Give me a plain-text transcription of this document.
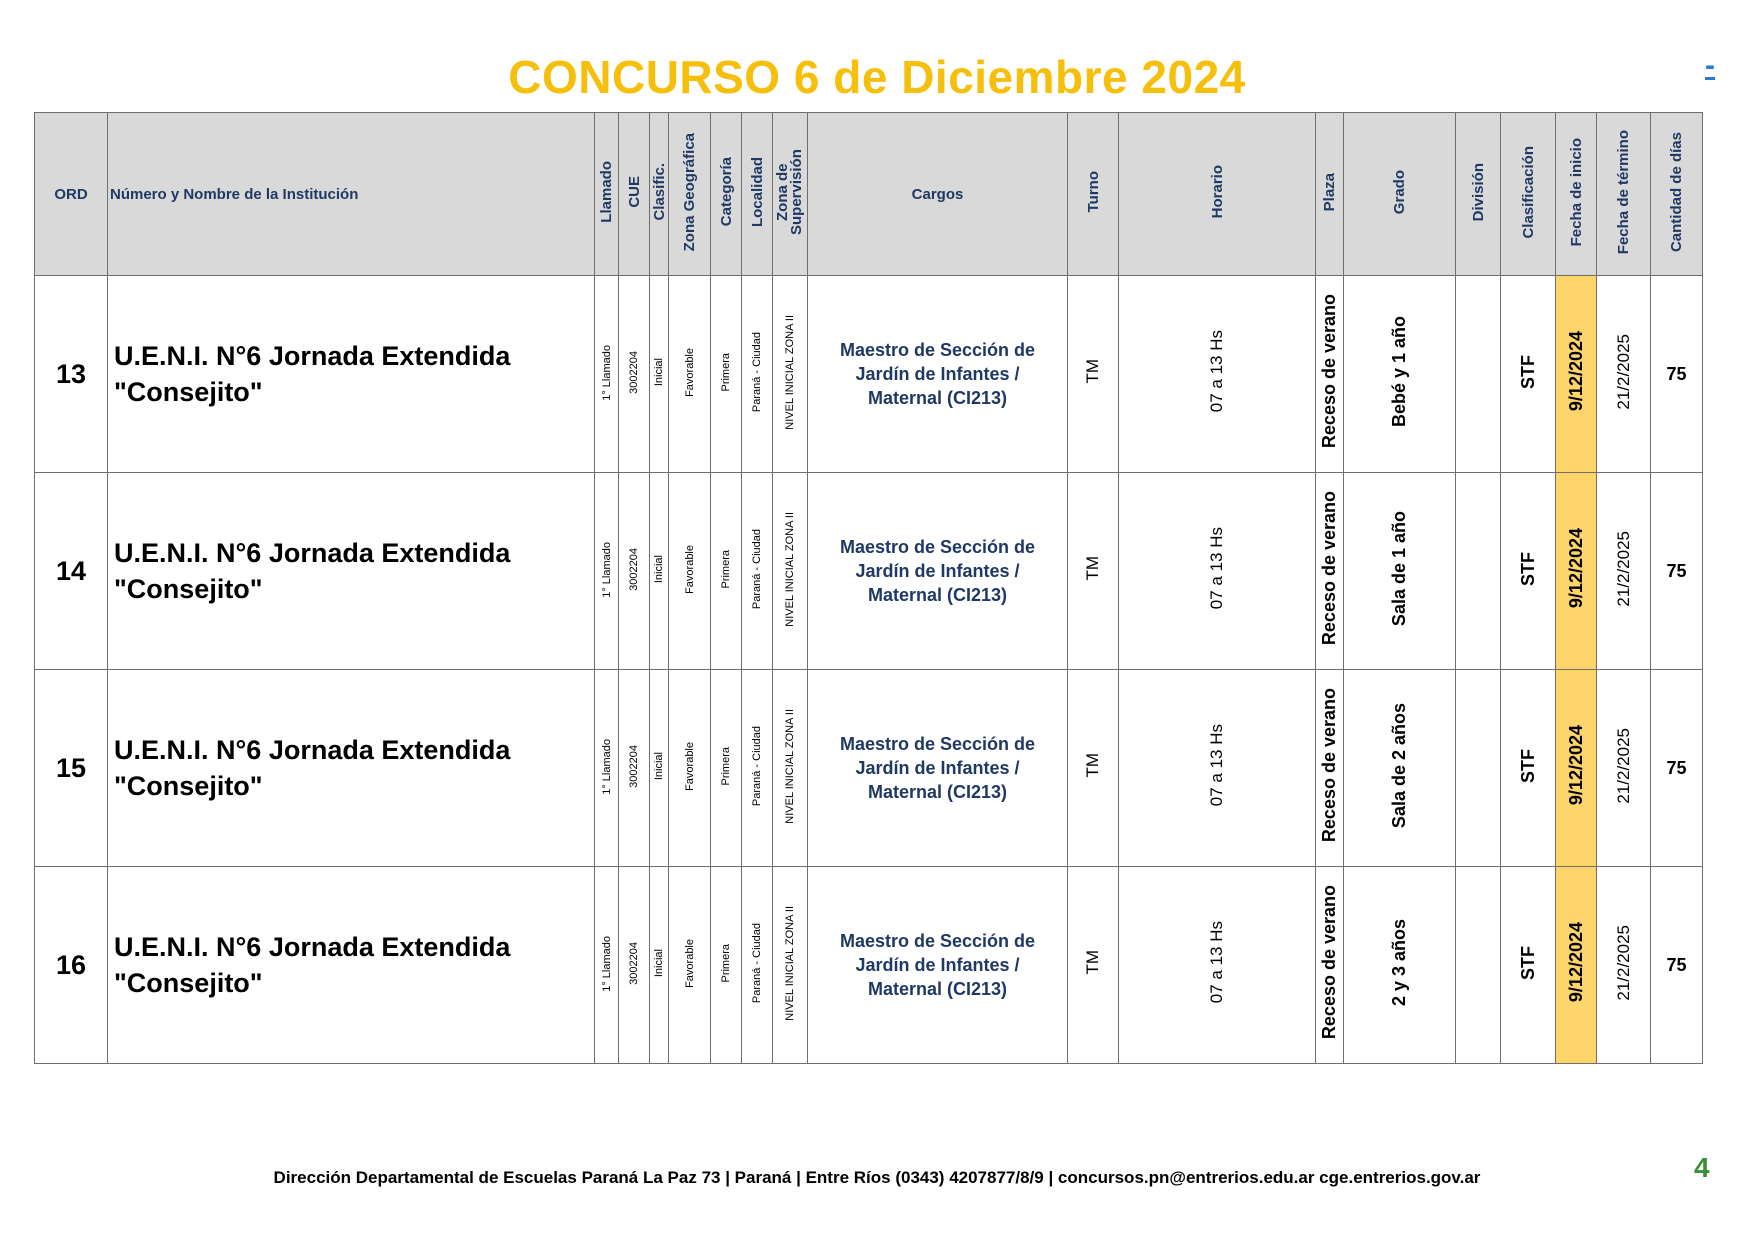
CONCURSO 6 de Diciembre 2024	-
ORD	Número y Nombre de la Institución	Llamado	CUE	Clasific.	Zona Geográfica	Categoría	Localidad	Zona de Supervisión	Cargos	Turno	Horario	Plaza	Grado	División	Clasificación	Fecha de inicio	Fecha de término	Cantidad de días
13	U.E.N.I. N°6 Jornada Extendida "Consejito"	1° Llamado	3002204	Inicial	Favorable	Primera	Paraná - Ciudad	NIVEL INICIAL ZONA II	Maestro de Sección de Jardín de Infantes / Maternal (CI213)	TM	07 a 13 Hs	Receso de verano	Bebé y 1 año		STF	9/12/2024	21/2/2025	75
14	U.E.N.I. N°6 Jornada Extendida "Consejito"	1° Llamado	3002204	Inicial	Favorable	Primera	Paraná - Ciudad	NIVEL INICIAL ZONA II	Maestro de Sección de Jardín de Infantes / Maternal (CI213)	TM	07 a 13 Hs	Receso de verano	Sala de 1 año		STF	9/12/2024	21/2/2025	75
15	U.E.N.I. N°6 Jornada Extendida "Consejito"	1° Llamado	3002204	Inicial	Favorable	Primera	Paraná - Ciudad	NIVEL INICIAL ZONA II	Maestro de Sección de Jardín de Infantes / Maternal (CI213)	TM	07 a 13 Hs	Receso de verano	Sala de 2 años		STF	9/12/2024	21/2/2025	75
16	U.E.N.I. N°6 Jornada Extendida "Consejito"	1° Llamado	3002204	Inicial	Favorable	Primera	Paraná - Ciudad	NIVEL INICIAL ZONA II	Maestro de Sección de Jardín de Infantes / Maternal (CI213)	TM	07 a 13 Hs	Receso de verano	2 y 3 años		STF	9/12/2024	21/2/2025	75
Dirección Departamental de Escuelas Paraná La Paz 73 | Paraná | Entre Ríos (0343) 4207877/8/9 | concursos.pn@entrerios.edu.ar cge.entrerios.gov.ar	4
